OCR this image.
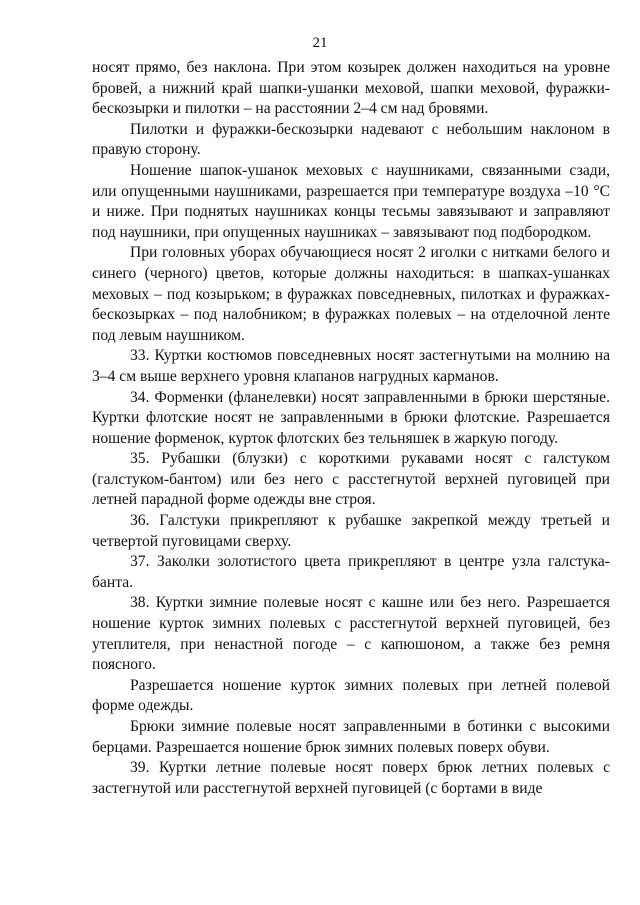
21

носят прямо, без наклона. При этом козырек должен находиться на уровне бровей, а нижний край шапки-ушанки меховой, шапки меховой, фуражки-бескозырки и пилотки – на расстоянии 2–4 см над бровями.

Пилотки и фуражки-бескозырки надевают с небольшим наклоном в правую сторону.

Ношение шапок-ушанок меховых с наушниками, связанными сзади, или опущенными наушниками, разрешается при температуре воздуха –10 °С и ниже. При поднятых наушниках концы тесьмы завязывают и заправляют под наушники, при опущенных наушниках – завязывают под подбородком.

При головных уборах обучающиеся носят 2 иголки с нитками белого и синего (черного) цветов, которые должны находиться: в шапках-ушанках меховых – под козырьком; в фуражках повседневных, пилотках и фуражках-бескозырках – под налобником; в фуражках полевых – на отделочной ленте под левым наушником.

33. Куртки костюмов повседневных носят застегнутыми на молнию на 3–4 см выше верхнего уровня клапанов нагрудных карманов.

34. Форменки (фланелевки) носят заправленными в брюки шерстяные. Куртки флотские носят не заправленными в брюки флотские. Разрешается ношение форменок, курток флотских без тельняшек в жаркую погоду.

35. Рубашки (блузки) с короткими рукавами носят с галстуком (галстуком-бантом) или без него с расстегнутой верхней пуговицей при летней парадной форме одежды вне строя.

36. Галстуки прикрепляют к рубашке закрепкой между третьей и четвертой пуговицами сверху.

37. Заколки золотистого цвета прикрепляют в центре узла галстука-банта.

38. Куртки зимние полевые носят с кашне или без него. Разрешается ношение курток зимних полевых с расстегнутой верхней пуговицей, без утеплителя, при ненастной погоде – с капюшоном, а также без ремня поясного.

Разрешается ношение курток зимних полевых при летней полевой форме одежды.

Брюки зимние полевые носят заправленными в ботинки с высокими берцами. Разрешается ношение брюк зимних полевых поверх обуви.

39. Куртки летние полевые носят поверх брюк летних полевых с застегнутой или расстегнутой верхней пуговицей (с бортами в виде
